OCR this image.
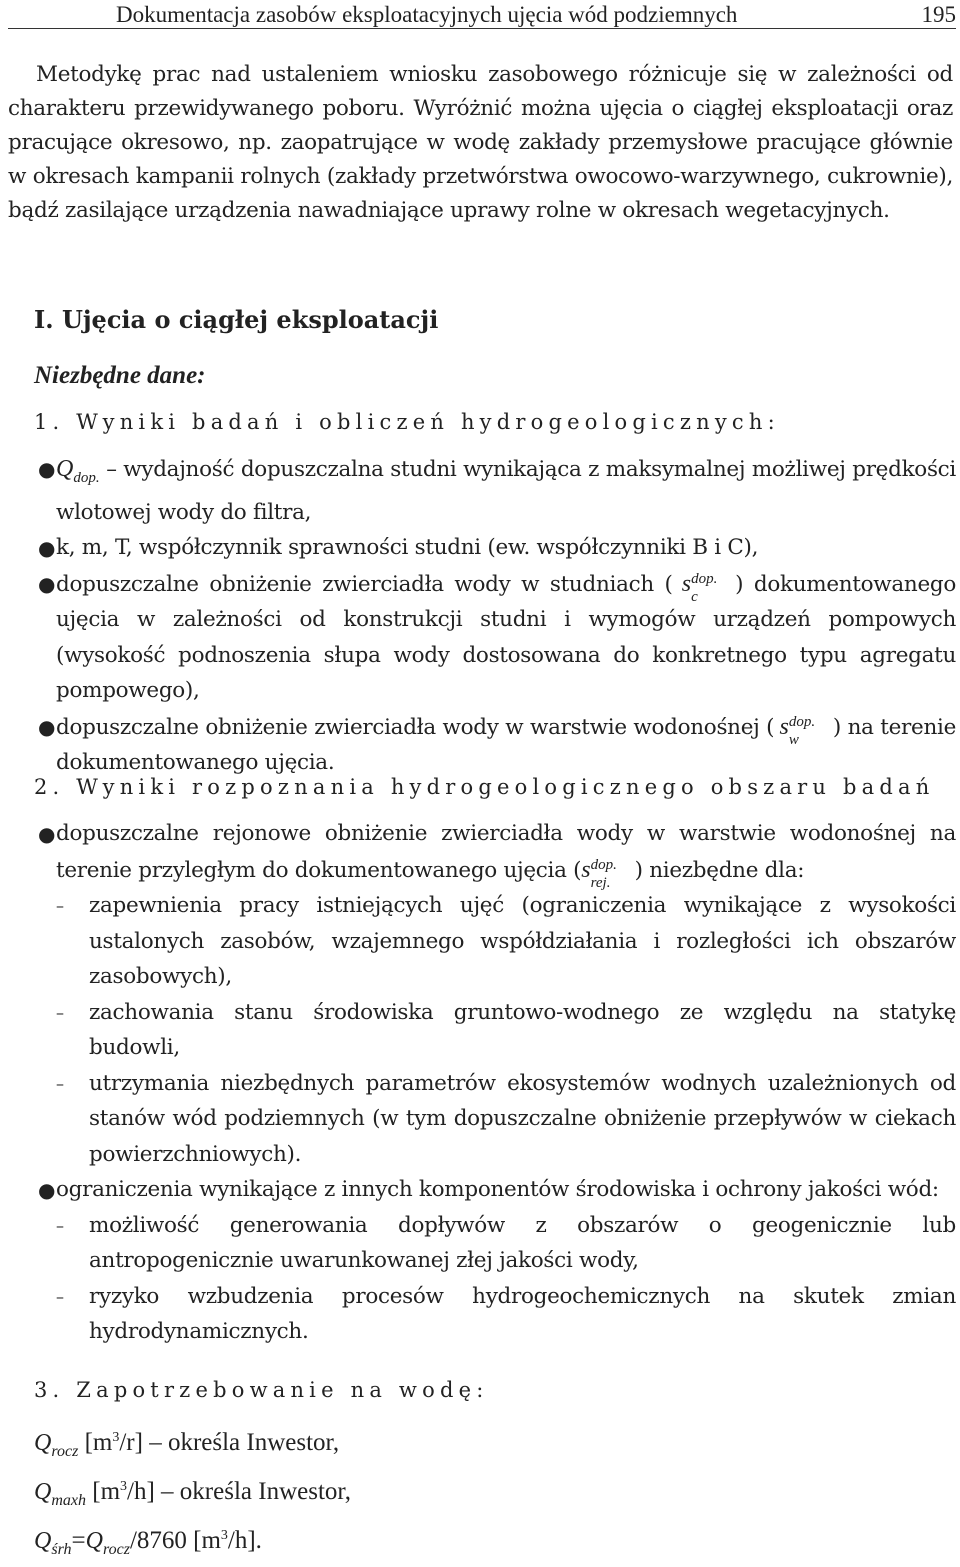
Dokumentacja zasobów eksploatacyjnych ujęcia wód podziemnych	195

Metodykę prac nad ustaleniem wniosku zasobowego różnicuje się w zależności od charakteru przewidywanego poboru. Wyróżnić można ujęcia o ciągłej eksploatacji oraz pracujące okresowo, np. zaopatrujące w wodę zakłady przemysłowe pracujące głównie w okresach kampanii rolnych (zakłady przetwórstwa owocowo-warzywnego, cukrownie), bądź zasilające urządzenia nawadniające uprawy rolne w okresach wegetacyjnych.

I. Ujęcia o ciągłej eksploatacji
Niezbędne dane:
1. Wyniki badań i obliczeń hydrogeologicznych:
● Qdop. – wydajność dopuszczalna studni wynikająca z maksymalnej możliwej prędkości wlotowej wody do filtra,
● k, m, T, współczynnik sprawności studni (ew. współczynniki B i C),
● dopuszczalne obniżenie zwierciadła wody w studniach ( s dop.
c ) dokumentowanego ujęcia w zależności od konstrukcji studni i wymogów urządzeń pompowych (wysokość podnoszenia słupa wody dostosowana do konkretnego typu agregatu pompowego),
● dopuszczalne obniżenie zwierciadła wody w warstwie wodonośnej ( s dop.
w ) na terenie dokumentowanego ujęcia.
2. Wyniki rozpoznania hydrogeologicznego obszaru badań
● dopuszczalne rejonowe obniżenie zwierciadła wody w warstwie wodonośnej na terenie przyległym do dokumentowanego ujęcia (s dop.
rej. ) niezbędne dla:
– zapewnienia pracy istniejących ujęć (ograniczenia wynikające z wysokości ustalonych zasobów, wzajemnego współdziałania i rozległości ich obszarów zasobowych),
– zachowania stanu środowiska gruntowo-wodnego ze względu na statykę budowli,
– utrzymania niezbędnych parametrów ekosystemów wodnych uzależnionych od stanów wód podziemnych (w tym dopuszczalne obniżenie przepływów w ciekach powierzchniowych).
● ograniczenia wynikające z innych komponentów środowiska i ochrony jakości wód:
– możliwość generowania dopływów z obszarów o geogenicznie lub antropogenicznie uwarunkowanej złej jakości wody,
– ryzyko wzbudzenia procesów hydrogeochemicznych na skutek zmian hydrodynamicznych.
3. Zapotrzebowanie na wodę:
$Q_{rocz}$ $[m^3/r]$ – określa Inwestor,
$Q_{maxh}$ $[m^3/h]$ – określa Inwestor,
$Q_{śrh}=Q_{rocz}/8760$ $[m^3/h]$.
